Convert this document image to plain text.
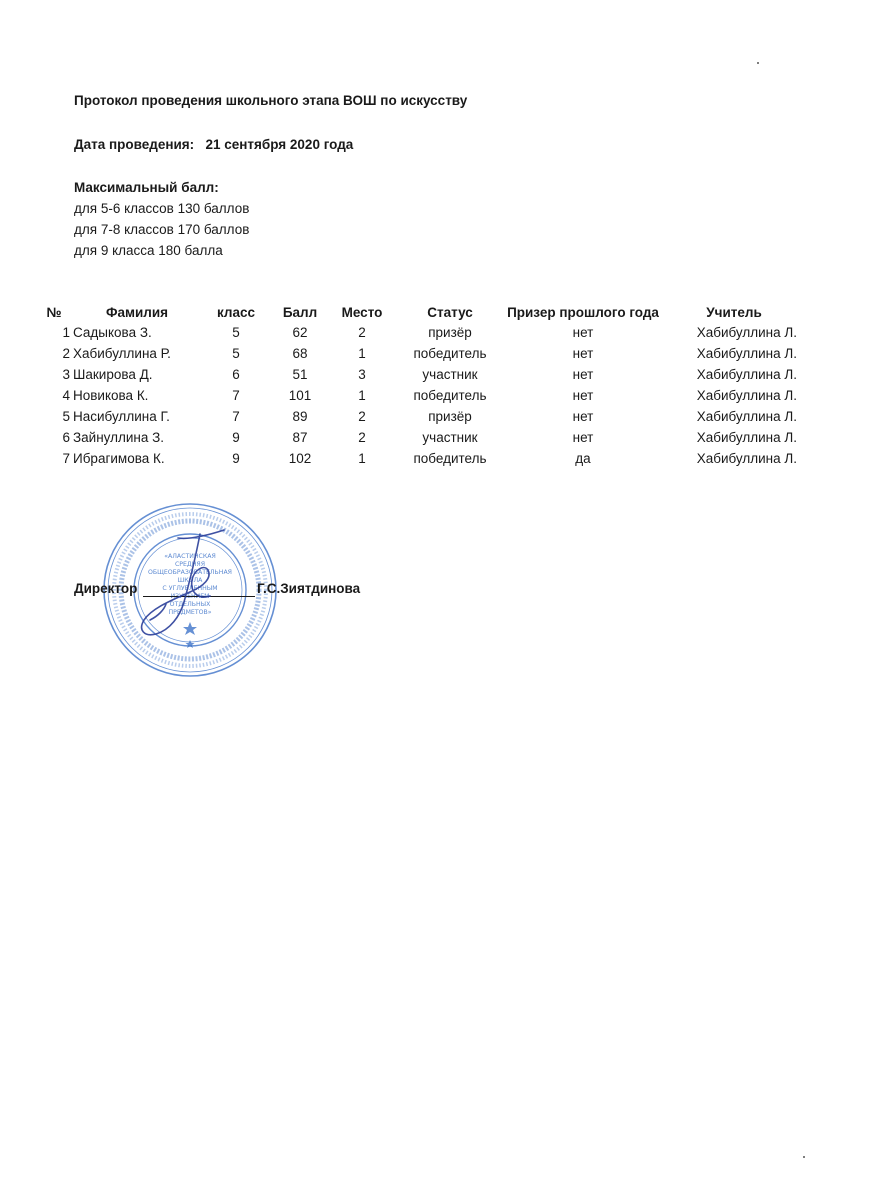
Протокол проведения школьного этапа ВОШ по искусству
Дата проведения: 21 сентября 2020 года
Максимальный балл:
для 5-6 классов 130 баллов
для 7-8 классов 170 баллов
для 9 класса 180 балла
№	Фамилия	класс	Балл	Место	Статус	Призер прошлого года	Учитель
1	Садыкова З.	5	62	2	призёр	нет	Хабибуллина Л.
2	Хабибуллина Р.	5	68	1	победитель	нет	Хабибуллина Л.
3	Шакирова Д.	6	51	3	участник	нет	Хабибуллина Л.
4	Новикова К.	7	101	1	победитель	нет	Хабибуллина Л.
5	Насибуллина Г.	7	89	2	призёр	нет	Хабибуллина Л.
6	Зайнуллина З.	9	87	2	участник	нет	Хабибуллина Л.
7	Ибрагимова К.	9	102	1	победитель	да	Хабибуллина Л.
«АЛАСТИНСКАЯ
СРЕДНЯЯ
ОБЩЕОБРАЗОВАТЕЛЬНАЯ
ШКОЛА
С УГЛУБЛЕННЫМ
ИЗУЧЕНИЕМ
ОТДЕЛЬНЫХ
ПРЕДМЕТОВ»
Директор	Г.С.Зиятдинова
